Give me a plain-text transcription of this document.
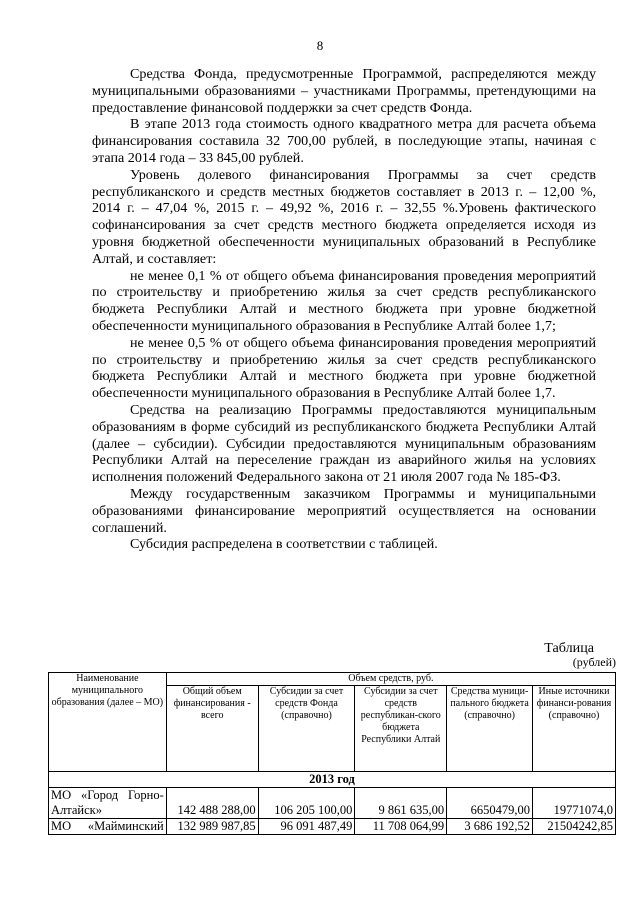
8

Средства Фонда, предусмотренные Программой, распределяются между муниципальными образованиями – участниками Программы, претендующими на предоставление финансовой поддержки за счет средств Фонда.

В этапе 2013 года стоимость одного квадратного метра для расчета объема финансирования составила 32 700,00 рублей, в последующие этапы, начиная с этапа 2014 года – 33 845,00 рублей.

Уровень долевого финансирования Программы за счет средств республиканского и средств местных бюджетов составляет в 2013 г. – 12,00 %, 2014 г. – 47,04 %, 2015 г. – 49,92 %, 2016 г. – 32,55 %.Уровень фактического софинансирования за счет средств местного бюджета определяется исходя из уровня бюджетной обеспеченности муниципальных образований в Республике Алтай, и составляет:

не менее 0,1 % от общего объема финансирования проведения мероприятий по строительству и приобретению жилья за счет средств республиканского бюджета Республики Алтай и местного бюджета при уровне бюджетной обеспеченности муниципального образования в Республике Алтай более 1,7;

не менее 0,5 % от общего объема финансирования проведения мероприятий по строительству и приобретению жилья за счет средств республиканского бюджета Республики Алтай и местного бюджета при уровне бюджетной обеспеченности муниципального образования в Республике Алтай более 1,7.

Средства на реализацию Программы предоставляются муниципальным образованиям в форме субсидий из республиканского бюджета Республики Алтай (далее – субсидии). Субсидии предоставляются муниципальным образованиям Республики Алтай на переселение граждан из аварийного жилья на условиях исполнения положений Федерального закона от 21 июля 2007 года № 185-ФЗ.

Между государственным заказчиком Программы и муниципальными образованиями финансирование мероприятий осуществляется на основании соглашений.

Субсидия распределена в соответствии с таблицей.

Таблица
(рублей)
Наименование муниципального образования (далее – МО)	Объем средств, руб.				
	Общий объем финансирования - всего	Субсидии за счет средств Фонда (справочно)	Субсидии за счет средств республикан-ского бюджета Республики Алтай	Средства муници-пального бюджета (справочно)	Иные источники финанси-рования (справочно)
2013 год					
МО «Город Горно-Алтайск»	142 488 288,00	106 205 100,00	9 861 635,00	6650479,00	19771074,0
МО «Майминский	132 989 987,85	96 091 487,49	11 708 064,99	3 686 192,52	21504242,85
